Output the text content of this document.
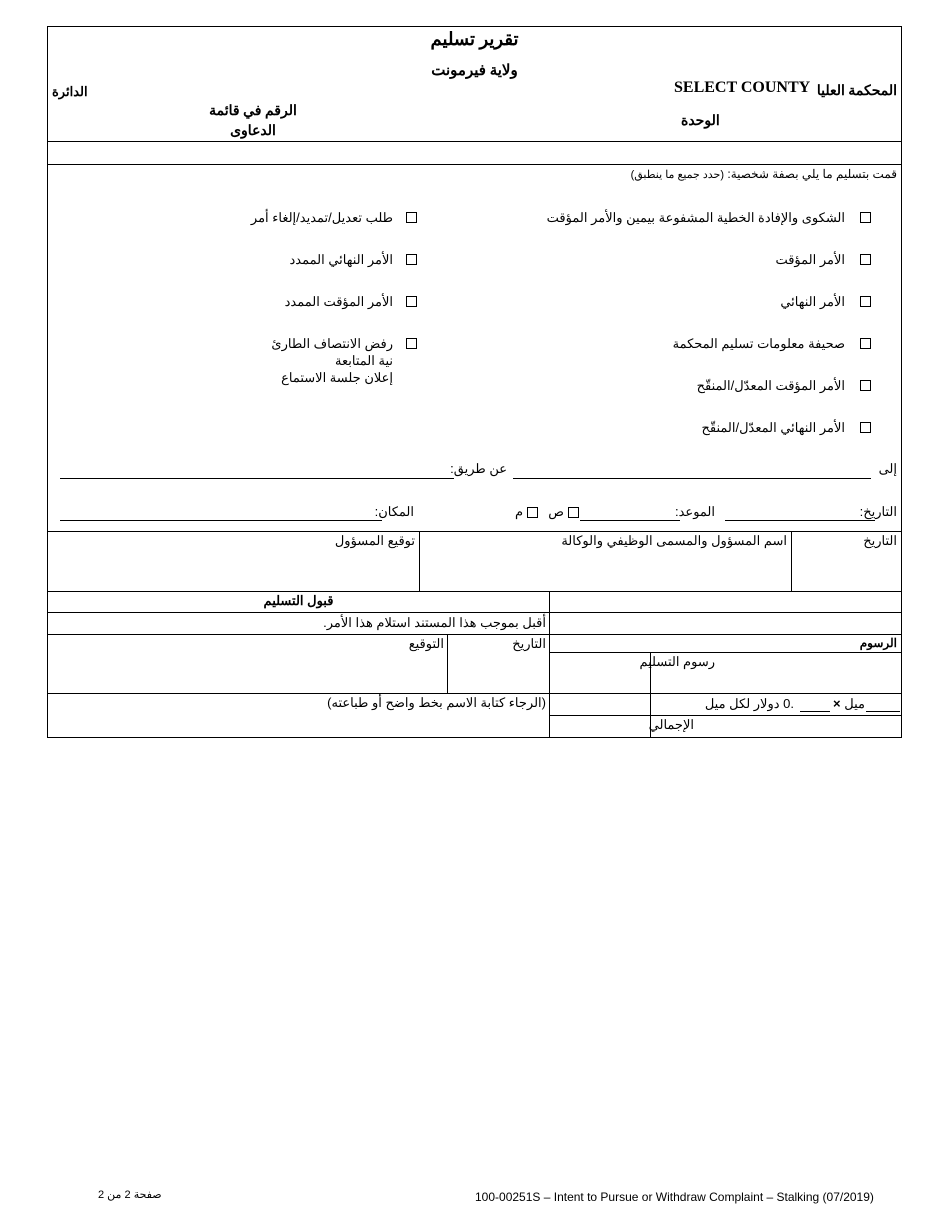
تقرير تسليم
ولاية فيرمونت
المحكمة العليا
SELECT COUNTY
الدائرة
الوحدة
الرقم في قائمة
الدعاوى
قمت بتسليم ما يلي بصفة شخصية: (حدد جميع ما ينطبق)
الشكوى والإفادة الخطية المشفوعة بيمين والأمر المؤقت
الأمر المؤقت
الأمر النهائي
صحيفة معلومات تسليم المحكمة
الأمر المؤقت المعدّل/المنقّح
الأمر النهائي المعدّل/المنقّح
طلب تعديل/تمديد/إلغاء أمر
الأمر النهائي الممدد
الأمر المؤقت الممدد
رفض الانتصاف الطارئ
نية المتابعة
إعلان جلسة الاستماع
إلى
عن طريق:
التاريخ:
الموعد:
ص
م
المكان:
التاريخ
اسم المسؤول والمسمى الوظيفي والوكالة
توقيع المسؤول
قبول التسليم
أقبل بموجب هذا المستند استلام هذا الأمر.
التاريخ
التوقيع
(الرجاء كتابة الاسم بخط واضح أو طباعته)
الرسوم
رسوم التسليم
ميل
×
.0 دولار لكل ميل
الإجمالي
صفحة 2 من 2	100-00251S – Intent to Pursue or Withdraw Complaint – Stalking (07/2019)
